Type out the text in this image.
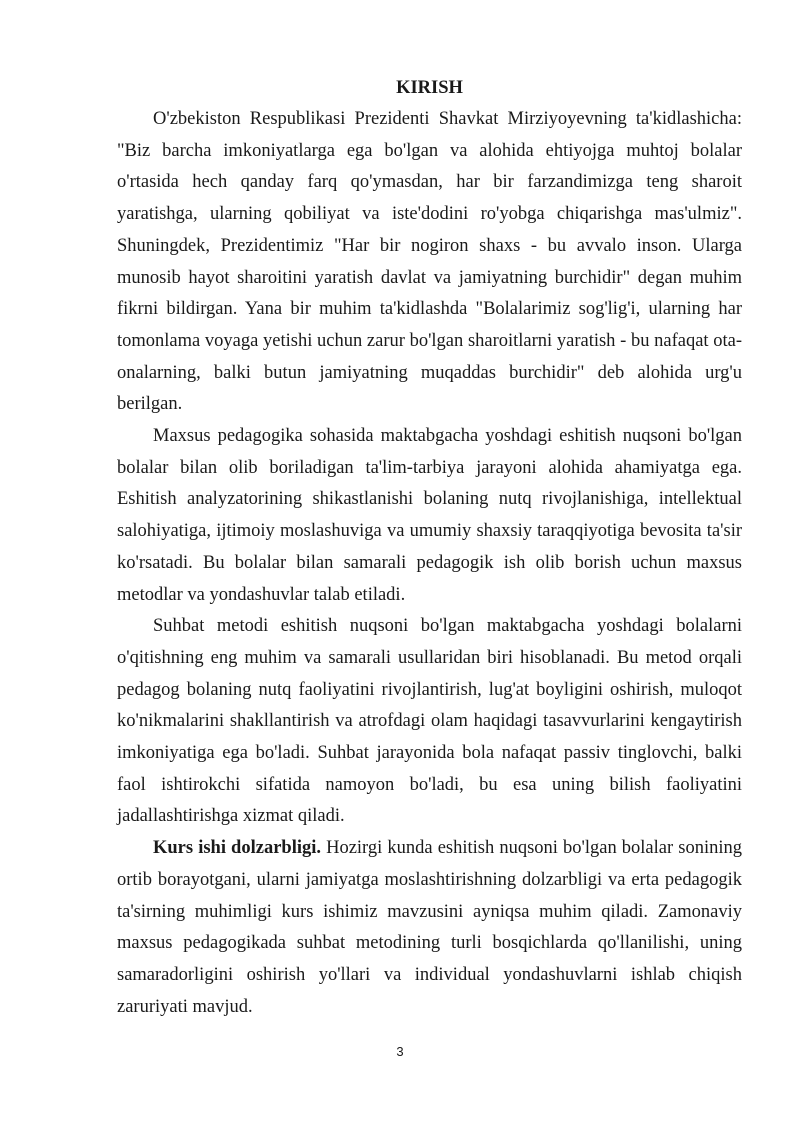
KIRISH

O'zbekiston Respublikasi Prezidenti Shavkat Mirziyoyevning ta'kidlashicha: "Biz barcha imkoniyatlarga ega bo'lgan va alohida ehtiyojga muhtoj bolalar o'rtasida hech qanday farq qo'ymasdan, har bir farzandimizga teng sharoit yaratishga, ularning qobiliyat va iste'dodini ro'yobga chiqarishga mas'ulmiz". Shuningdek, Prezidentimiz "Har bir nogiron shaxs - bu avvalo inson. Ularga munosib hayot sharoitini yaratish davlat va jamiyatning burchidir" degan muhim fikrni bildirgan. Yana bir muhim ta'kidlashda "Bolalarimiz sog'lig'i, ularning har tomonlama voyaga yetishi uchun zarur bo'lgan sharoitlarni yaratish - bu nafaqat ota-onalarning, balki butun jamiyatning muqaddas burchidir" deb alohida urg'u berilgan.

Maxsus pedagogika sohasida maktabgacha yoshdagi eshitish nuqsoni bo'lgan bolalar bilan olib boriladigan ta'lim-tarbiya jarayoni alohida ahamiyatga ega. Eshitish analyzatorining shikastlanishi bolaning nutq rivojlanishiga, intellektual salohiyatiga, ijtimoiy moslashuviga va umumiy shaxsiy taraqqiyotiga bevosita ta'sir ko'rsatadi. Bu bolalar bilan samarali pedagogik ish olib borish uchun maxsus metodlar va yondashuvlar talab etiladi.

Suhbat metodi eshitish nuqsoni bo'lgan maktabgacha yoshdagi bolalarni o'qitishning eng muhim va samarali usullaridan biri hisoblanadi. Bu metod orqali pedagog bolaning nutq faoliyatini rivojlantirish, lug'at boyligini oshirish, muloqot ko'nikmalarini shakllantirish va atrofdagi olam haqidagi tasavvurlarini kengaytirish imkoniyatiga ega bo'ladi. Suhbat jarayonida bola nafaqat passiv tinglovchi, balki faol ishtirokchi sifatida namoyon bo'ladi, bu esa uning bilish faoliyatini jadallashtirishga xizmat qiladi.

Kurs ishi dolzarbligi. Hozirgi kunda eshitish nuqsoni bo'lgan bolalar sonining ortib borayotgani, ularni jamiyatga moslashtirishning dolzarbligi va erta pedagogik ta'sirning muhimligi kurs ishimiz mavzusini ayniqsa muhim qiladi. Zamonaviy maxsus pedagogikada suhbat metodining turli bosqichlarda qo'llanilishi, uning samaradorligini oshirish yo'llari va individual yondashuvlarni ishlab chiqish zaruriyati mavjud.

3
